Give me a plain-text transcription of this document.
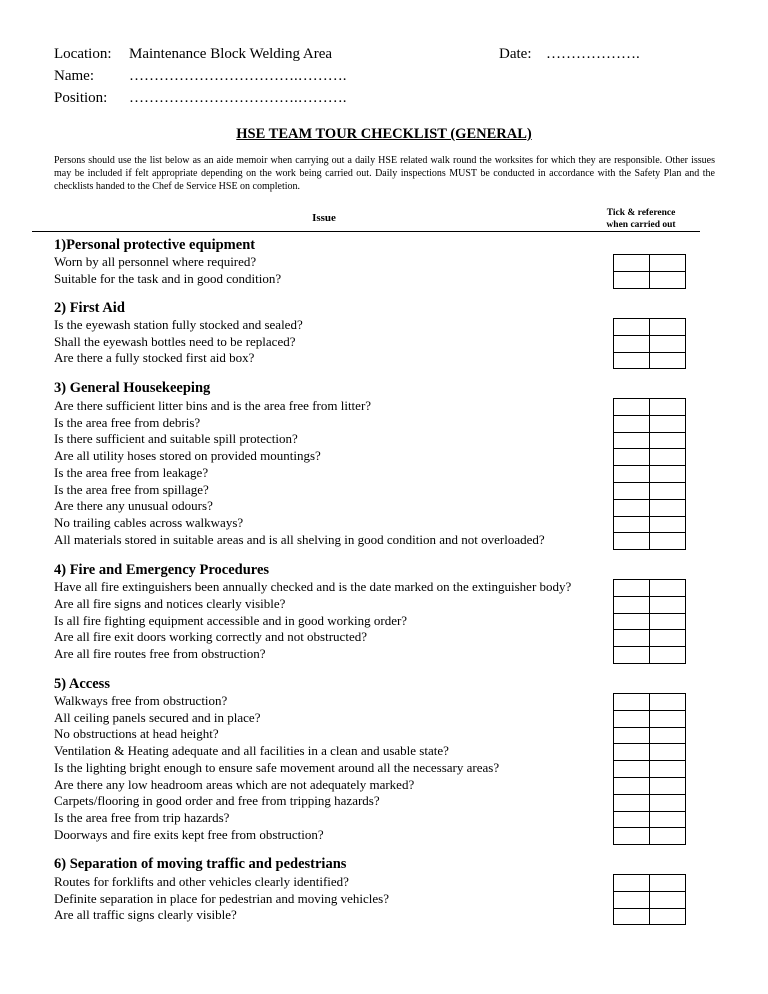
Location: Maintenance Block Welding Area	Date: ……………….
Name: …………………………….……….
Position: …………………………….……….
HSE TEAM TOUR CHECKLIST (GENERAL)
Persons should use the list below as an aide memoir when carrying out a daily HSE related walk round the worksites for which they are responsible. Other issues may be included if felt appropriate depending on the work being carried out. Daily inspections MUST be conducted in accordance with the Safety Plan and the checklists handed to the Chef de Service HSE on completion.
Issue	Tick & reference
when carried out
1)Personal protective equipment
Worn by all personnel where required?
Suitable for the task and in good condition?

2) First Aid
Is the eyewash station fully stocked and sealed?
Shall the eyewash bottles need to be replaced?
Are there a fully stocked first aid box?

3) General Housekeeping
Are there sufficient litter bins and is the area free from litter?
Is the area free from debris?
Is there sufficient and suitable spill protection?
Are all utility hoses stored on provided mountings?
Is the area free from leakage?
Is the area free from spillage?
Are there any unusual odours?
No trailing cables across walkways?
All materials stored in suitable areas and is all shelving in good condition and not overloaded?

4) Fire and Emergency Procedures
Have all fire extinguishers been annually checked and is the date marked on the extinguisher body?
Are all fire signs and notices clearly visible?
Is all fire fighting equipment accessible and in good working order?
Are all fire exit doors working correctly and not obstructed?
Are all fire routes free from obstruction?

5) Access
Walkways free from obstruction?
All ceiling panels secured and in place?
No obstructions at head height?
Ventilation & Heating adequate and all facilities in a clean and usable state?
Is the lighting bright enough to ensure safe movement around all the necessary areas?
Are there any low headroom areas which are not adequately marked?
Carpets/flooring in good order and free from tripping hazards?
Is the area free from trip hazards?
Doorways and fire exits kept free from obstruction?

6) Separation of moving traffic and pedestrians
Routes for forklifts and other vehicles clearly identified?
Definite separation in place for pedestrian and moving vehicles?
Are all traffic signs clearly visible?
